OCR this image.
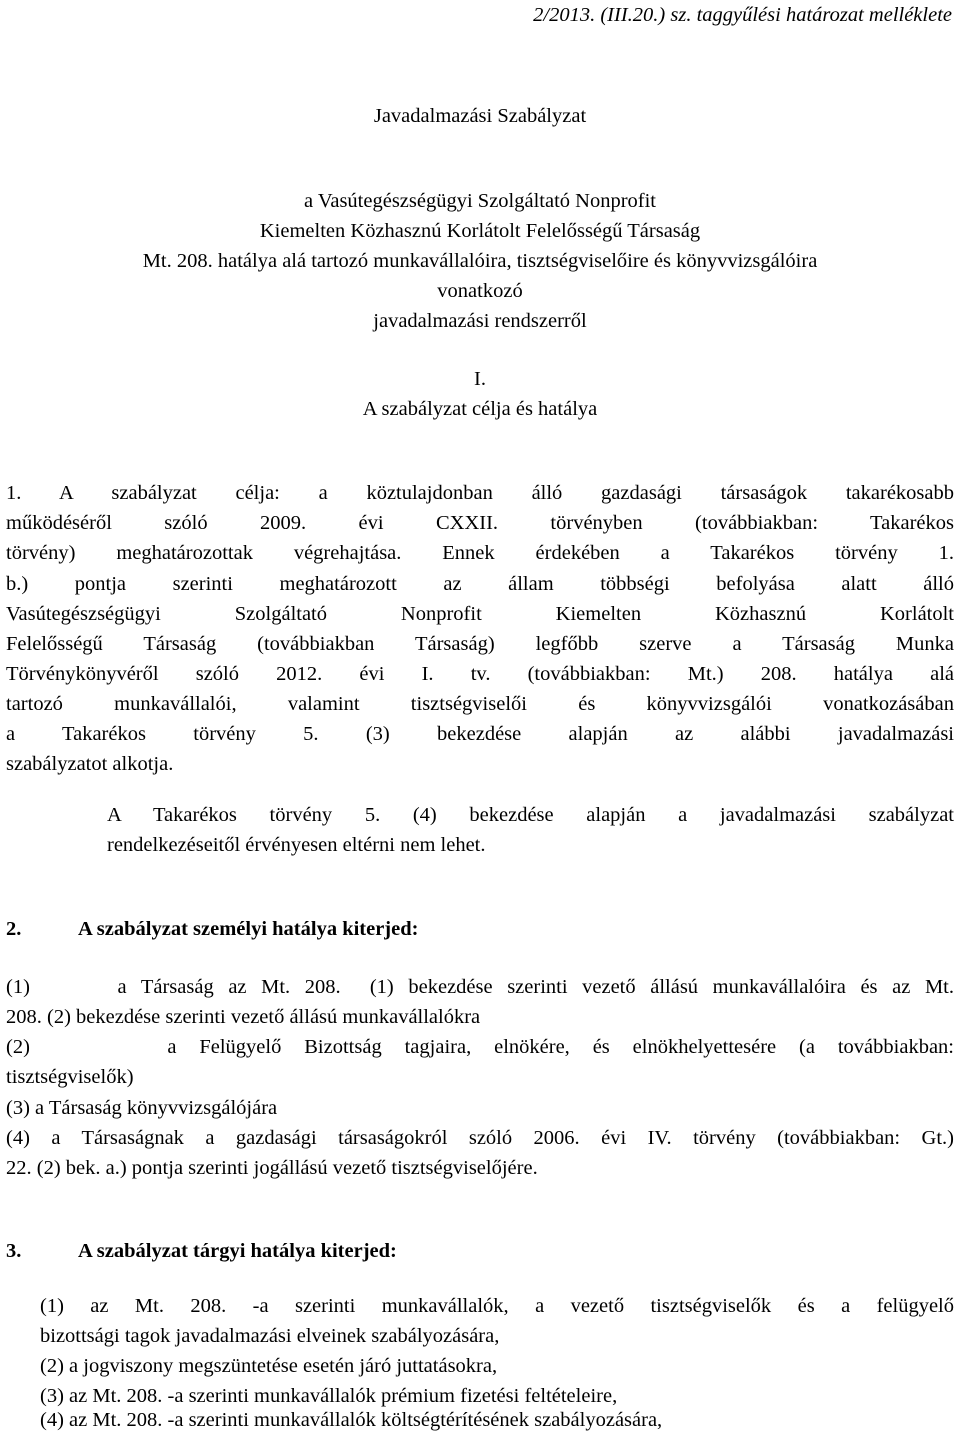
2/2013. (III.20.) sz. taggyűlési határozat melléklete
Javadalmazási Szabályzat
a Vasútegészségügyi Szolgáltató Nonprofit
Kiemelten Közhasznú Korlátolt Felelősségű Társaság
Mt. 208. hatálya alá tartozó munkavállalóira, tisztségviselőire és könyvvizsgálóira
vonatkozó
javadalmazási rendszerről
I.
A szabályzat célja és hatálya
1. A szabályzat célja: a köztulajdonban álló gazdasági társaságok takarékosabb
működéséről szóló 2009. évi CXXII. törvényben (továbbiakban: Takarékos
törvény) meghatározottak végrehajtása. Ennek érdekében a Takarékos törvény 1.
b.) pontja szerinti meghatározott az állam többségi befolyása alatt álló
Vasútegészségügyi Szolgáltató Nonprofit Kiemelten Közhasznú Korlátolt
Felelősségű Társaság (továbbiakban Társaság) legfőbb szerve a Társaság Munka
Törvénykönyvéről szóló 2012. évi I. tv. (továbbiakban: Mt.) 208. hatálya alá
tartozó munkavállalói, valamint tisztségviselői és könyvvizsgálói vonatkozásában
a Takarékos törvény 5. (3) bekezdése alapján az alábbi javadalmazási
szabályzatot alkotja.
A Takarékos törvény 5. (4) bekezdése alapján a javadalmazási szabályzat
rendelkezéseitől érvényesen eltérni nem lehet.
2.	A szabályzat személyi hatálya kiterjed:
(1)      a Társaság az Mt. 208.  (1) bekezdése szerinti vezető állású munkavállalóira és az Mt.
208. (2) bekezdése szerinti vezető állású munkavállalókra
(2)      a Felügyelő Bizottság tagjaira, elnökére, és elnökhelyettesére (a továbbiakban:
tisztségviselők)
(3) a Társaság könyvvizsgálójára
(4) a Társaságnak a gazdasági társaságokról szóló 2006. évi IV. törvény (továbbiakban: Gt.)
22. (2) bek. a.) pontja szerinti jogállású vezető tisztségviselőjére.
3.	A szabályzat tárgyi hatálya kiterjed:
(1) az Mt. 208. -a szerinti munkavállalók, a vezető tisztségviselők és a felügyelő
bizottsági tagok javadalmazási elveinek szabályozására,
(2) a jogviszony megszüntetése esetén járó juttatásokra,
(3) az Mt. 208. -a szerinti munkavállalók prémium fizetési feltételeire,
(4) az Mt. 208. -a szerinti munkavállalók költségtérítésének szabályozására,
